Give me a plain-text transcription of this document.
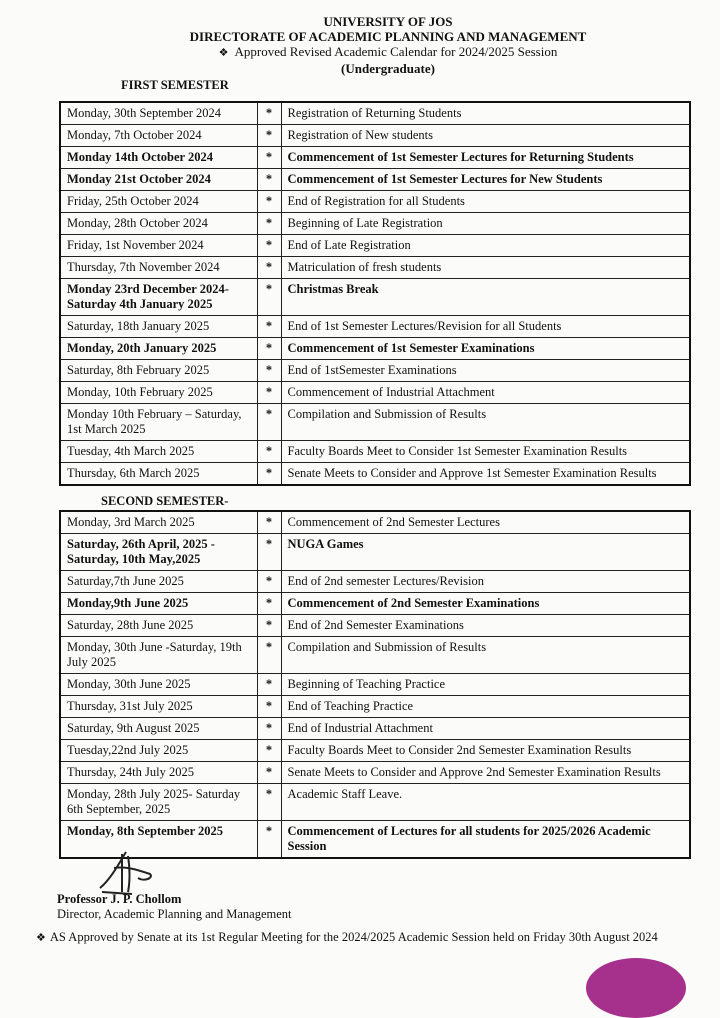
UNIVERSITY OF JOS
DIRECTORATE OF ACADEMIC PLANNING AND MANAGEMENT
❖ Approved Revised Academic Calendar for 2024/2025 Session
(Undergraduate)
FIRST SEMESTER
Monday, 30th September 2024	*	Registration of Returning Students
Monday, 7th October 2024	*	Registration of New students
Monday 14th October 2024	*	Commencement of 1st Semester Lectures for Returning Students
Monday 21st October 2024	*	Commencement of 1st Semester Lectures for New Students
Friday, 25th October 2024	*	End of Registration for all Students
Monday, 28th October 2024	*	Beginning of Late Registration
Friday, 1st November 2024	*	End of Late Registration
Thursday, 7th November 2024	*	Matriculation of fresh students
Monday 23rd December 2024- Saturday 4th January 2025	*	Christmas Break
Saturday, 18th January 2025	*	End of 1st Semester Lectures/Revision for all Students
Monday, 20th January 2025	*	Commencement of 1st Semester Examinations
Saturday, 8th February 2025	*	End of 1stSemester Examinations
Monday, 10th February 2025	*	Commencement of Industrial Attachment
Monday 10th February – Saturday, 1st March 2025	*	Compilation and Submission of Results
Tuesday, 4th March 2025	*	Faculty Boards Meet to Consider 1st Semester Examination Results
Thursday, 6th March 2025	*	Senate Meets to Consider and Approve 1st Semester Examination Results
SECOND SEMESTER-
Monday, 3rd March 2025	*	Commencement of 2nd Semester Lectures
Saturday, 26th April, 2025 - Saturday, 10th May,2025	*	NUGA Games
Saturday,7th June 2025	*	End of 2nd semester Lectures/Revision
Monday,9th June 2025	*	Commencement of 2nd Semester Examinations
Saturday, 28th June 2025	*	End of 2nd Semester Examinations
Monday, 30th June -Saturday, 19th July 2025	*	Compilation and Submission of Results
Monday, 30th June 2025	*	Beginning of Teaching Practice
Thursday, 31st July 2025	*	End of Teaching Practice
Saturday, 9th August 2025	*	End of Industrial Attachment
Tuesday,22nd July 2025	*	Faculty Boards Meet to Consider 2nd Semester Examination Results
Thursday, 24th July 2025	*	Senate Meets to Consider and Approve 2nd Semester Examination Results
Monday, 28th July 2025- Saturday 6th September, 2025	*	Academic Staff Leave.
Monday, 8th September 2025	*	Commencement of Lectures for all students for 2025/2026 Academic Session
Professor J. P. Chollom
Director, Academic Planning and Management
❖ AS Approved by Senate at its 1st Regular Meeting for the 2024/2025 Academic Session held on Friday 30th August 2024
